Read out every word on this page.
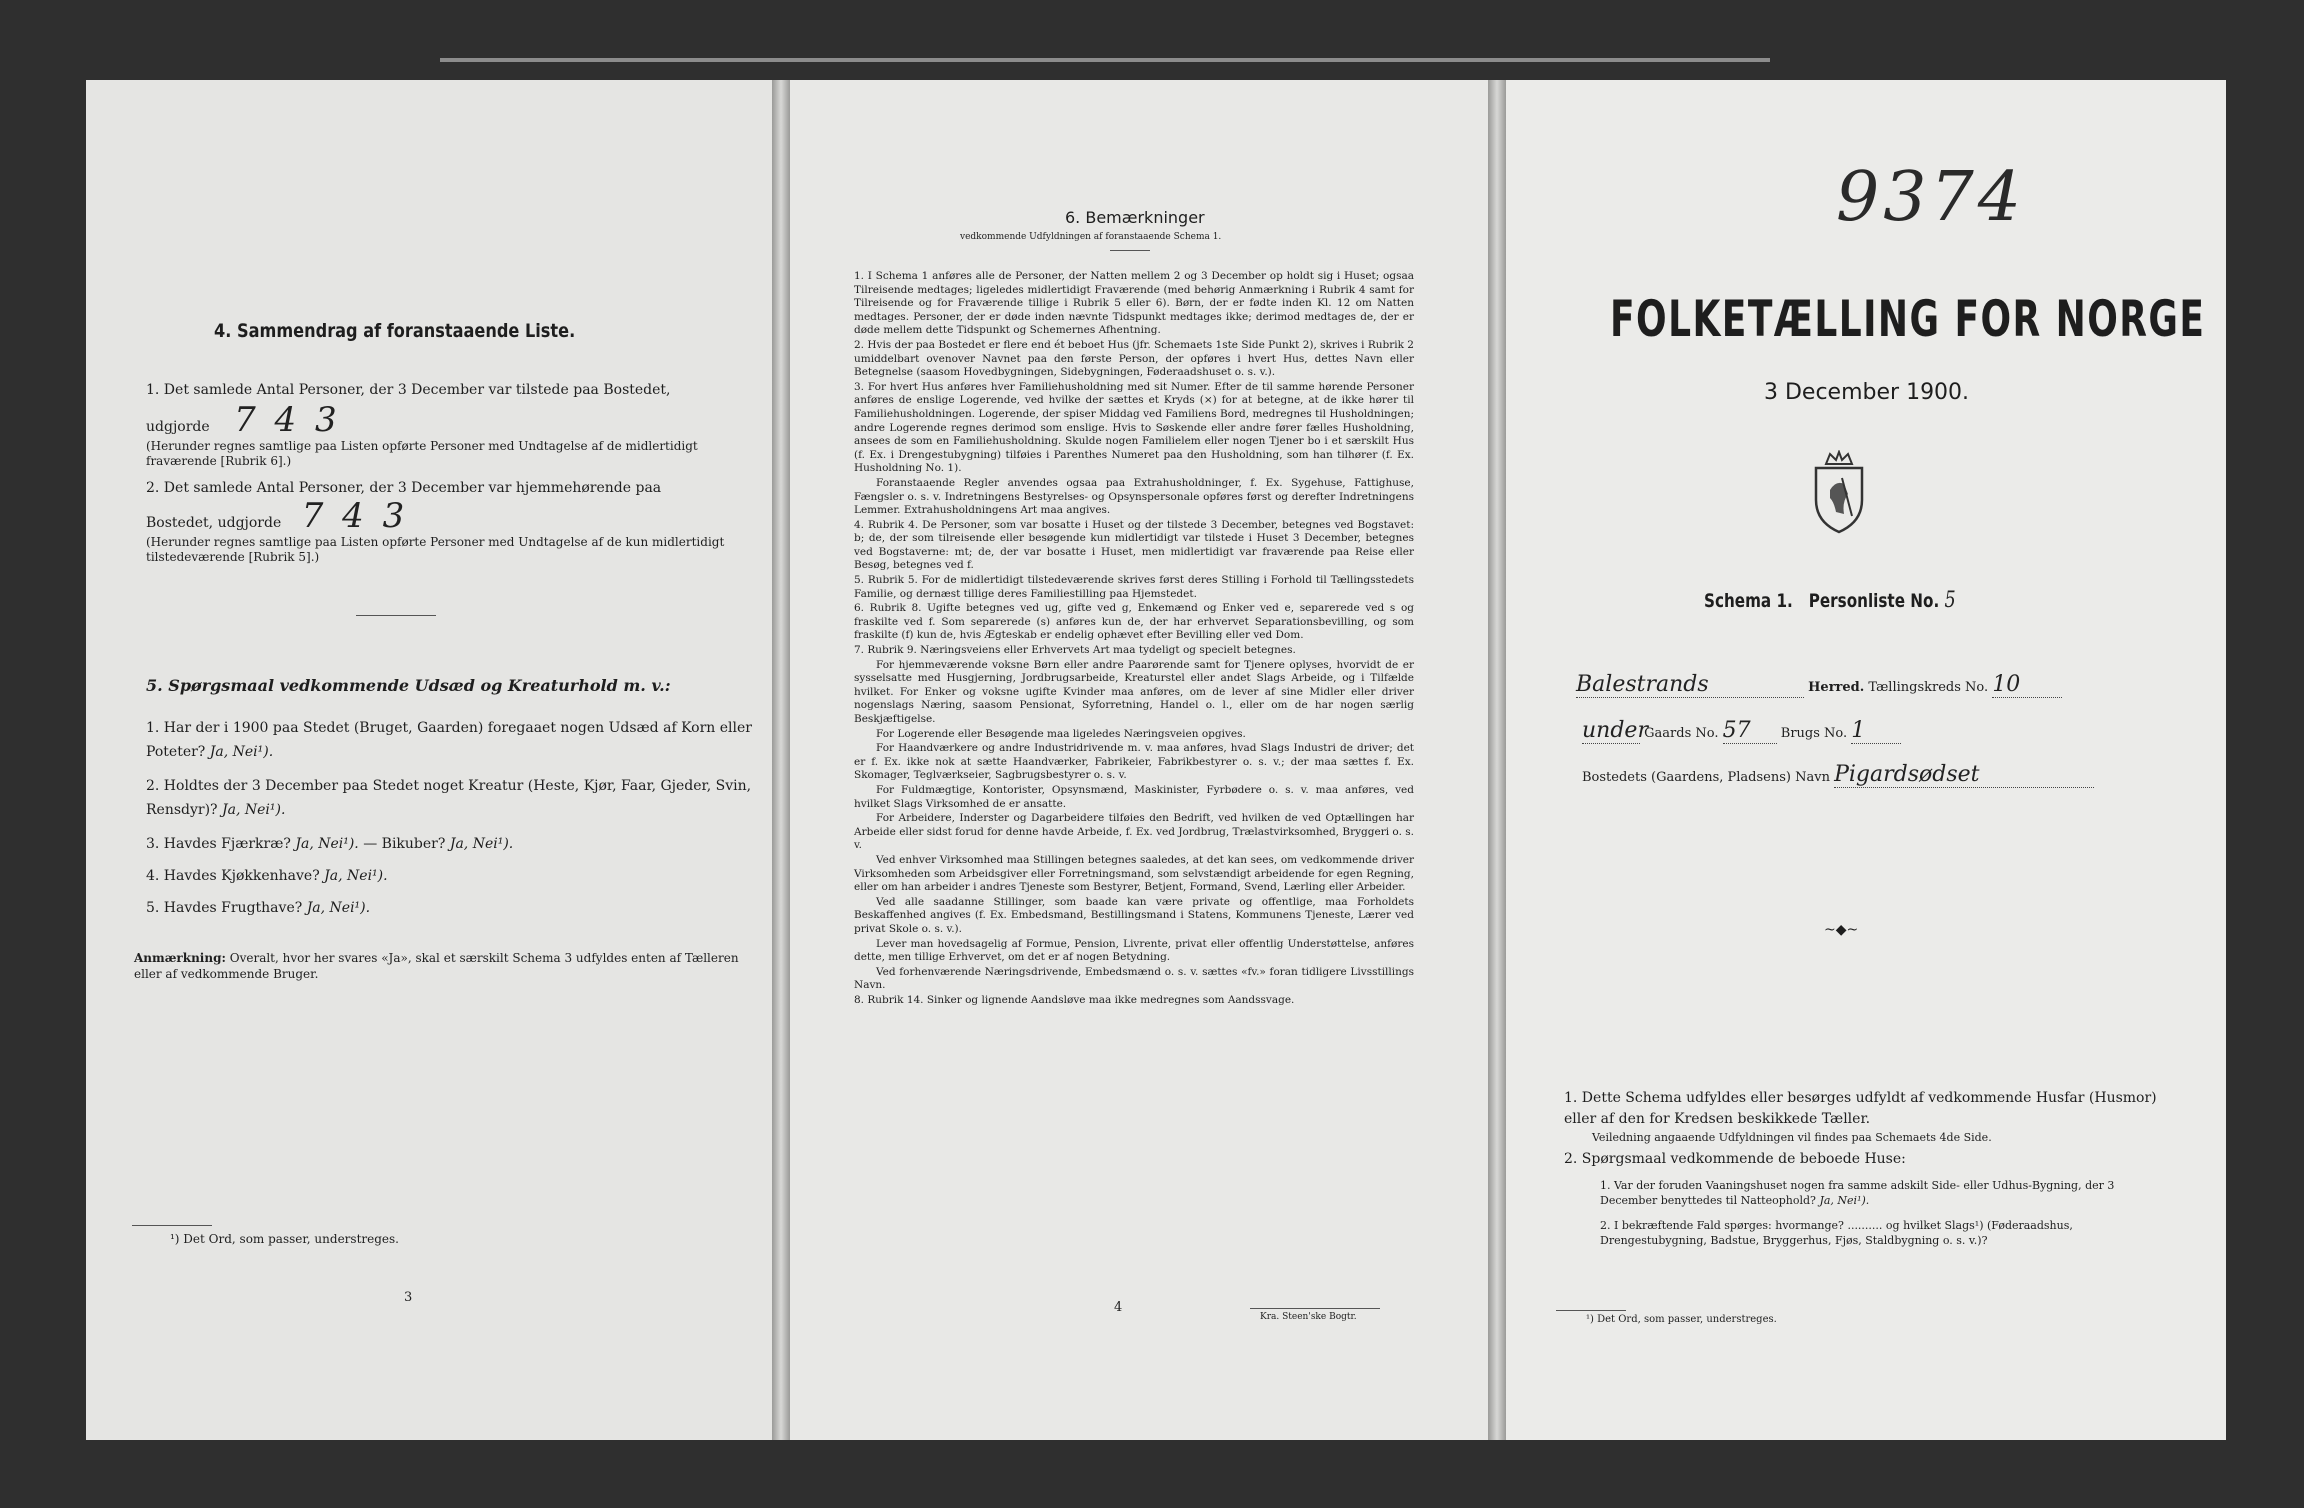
4. Sammendrag af foranstaaende Liste.
1. Det samlede Antal Personer, der 3 December var tilstede paa Bostedet,
udgjorde 7 4 3
(Herunder regnes samtlige paa Listen opførte Personer med Undtagelse af de midlertidigt fraværende [Rubrik 6].)
2. Det samlede Antal Personer, der 3 December var hjemmehørende paa
Bostedet, udgjorde 7 4 3
(Herunder regnes samtlige paa Listen opførte Personer med Undtagelse af de kun midlertidigt tilstedeværende [Rubrik 5].)
5. Spørgsmaal vedkommende Udsæd og Kreaturhold m. v.:
1. Har der i 1900 paa Stedet (Bruget, Gaarden) foregaaet nogen Udsæd af Korn eller Poteter? Ja, Nei¹).
2. Holdtes der 3 December paa Stedet noget Kreatur (Heste, Kjør, Faar, Gjeder, Svin, Rensdyr)? Ja, Nei¹).
3. Havdes Fjærkræ? Ja, Nei¹). — Bikuber? Ja, Nei¹).
4. Havdes Kjøkkenhave? Ja, Nei¹).
5. Havdes Frugthave? Ja, Nei¹).
Anmærkning: Overalt, hvor her svares «Ja», skal et særskilt Schema 3 udfyldes enten af Tælleren eller af vedkommende Bruger.
¹) Det Ord, som passer, understreges.
3
6. Bemærkninger
vedkommende Udfyldningen af foranstaaende Schema 1.
1. I Schema 1 anføres alle de Personer, der Natten mellem 2 og 3 December op holdt sig i Huset; ogsaa Tilreisende medtages; ligeledes midlertidigt Fraværende (med behørig Anmærkning i Rubrik 4 samt for Tilreisende og for Fraværende tillige i Rubrik 5 eller 6). Børn, der er fødte inden Kl. 12 om Natten medtages. Personer, der er døde inden nævnte Tidspunkt medtages ikke; derimod medtages de, der er døde mellem dette Tidspunkt og Schemernes Afhentning.
2. Hvis der paa Bostedet er flere end ét beboet Hus (jfr. Schemaets 1ste Side Punkt 2), skrives i Rubrik 2 umiddelbart ovenover Navnet paa den første Person, der opføres i hvert Hus, dettes Navn eller Betegnelse (saasom Hovedbygningen, Sidebygningen, Føderaadshuset o. s. v.).
3. For hvert Hus anføres hver Familiehusholdning med sit Numer. Efter de til samme hørende Personer anføres de enslige Logerende, ved hvilke der sættes et Kryds (×) for at betegne, at de ikke hører til Familiehusholdningen. Logerende, der spiser Middag ved Familiens Bord, medregnes til Husholdningen; andre Logerende regnes derimod som enslige. Hvis to Søskende eller andre fører fælles Husholdning, ansees de som en Familiehusholdning. Skulde nogen Familielem eller nogen Tjener bo i et særskilt Hus (f. Ex. i Drengestubygning) tilføies i Parenthes Numeret paa den Husholdning, som han tilhører (f. Ex. Husholdning No. 1).
Foranstaaende Regler anvendes ogsaa paa Extrahusholdninger, f. Ex. Sygehuse, Fattighuse, Fængsler o. s. v. Indretningens Bestyrelses- og Opsynspersonale opføres først og derefter Indretningens Lemmer. Extrahusholdningens Art maa angives.
4. Rubrik 4. De Personer, som var bosatte i Huset og der tilstede 3 December, betegnes ved Bogstavet: b; de, der som tilreisende eller besøgende kun midlertidigt var tilstede i Huset 3 December, betegnes ved Bogstaverne: mt; de, der var bosatte i Huset, men midlertidigt var fraværende paa Reise eller Besøg, betegnes ved f.
5. Rubrik 5. For de midlertidigt tilstedeværende skrives først deres Stilling i Forhold til Tællingsstedets Familie, og dernæst tillige deres Familiestilling paa Hjemstedet.
6. Rubrik 8. Ugifte betegnes ved ug, gifte ved g, Enkemænd og Enker ved e, separerede ved s og fraskilte ved f. Som separerede (s) anføres kun de, der har erhvervet Separationsbevilling, og som fraskilte (f) kun de, hvis Ægteskab er endelig ophævet efter Bevilling eller ved Dom.
7. Rubrik 9. Næringsveiens eller Erhvervets Art maa tydeligt og specielt betegnes.
For hjemmeværende voksne Børn eller andre Paarørende samt for Tjenere oplyses, hvorvidt de er sysselsatte med Husgjerning, Jordbrugsarbeide, Kreaturstel eller andet Slags Arbeide, og i Tilfælde hvilket. For Enker og voksne ugifte Kvinder maa anføres, om de lever af sine Midler eller driver nogenslags Næring, saasom Pensionat, Syforretning, Handel o. l., eller om de har nogen særlig Beskjæftigelse.
For Logerende eller Besøgende maa ligeledes Næringsveien opgives.
For Haandværkere og andre Industridrivende m. v. maa anføres, hvad Slags Industri de driver; det er f. Ex. ikke nok at sætte Haandværker, Fabrikeier, Fabrikbestyrer o. s. v.; der maa sættes f. Ex. Skomager, Teglværkseier, Sagbrugsbestyrer o. s. v.
For Fuldmægtige, Kontorister, Opsynsmænd, Maskinister, Fyrbødere o. s. v. maa anføres, ved hvilket Slags Virksomhed de er ansatte.
For Arbeidere, Inderster og Dagarbeidere tilføies den Bedrift, ved hvilken de ved Optællingen har Arbeide eller sidst forud for denne havde Arbeide, f. Ex. ved Jordbrug, Trælastvirksomhed, Bryggeri o. s. v.
Ved enhver Virksomhed maa Stillingen betegnes saaledes, at det kan sees, om vedkommende driver Virksomheden som Arbeidsgiver eller Forretningsmand, som selvstændigt arbeidende for egen Regning, eller om han arbeider i andres Tjeneste som Bestyrer, Betjent, Formand, Svend, Lærling eller Arbeider.
Ved alle saadanne Stillinger, som baade kan være private og offentlige, maa Forholdets Beskaffenhed angives (f. Ex. Embedsmand, Bestillingsmand i Statens, Kommunens Tjeneste, Lærer ved privat Skole o. s. v.).
Lever man hovedsagelig af Formue, Pension, Livrente, privat eller offentlig Understøttelse, anføres dette, men tillige Erhvervet, om det er af nogen Betydning.
Ved forhenværende Næringsdrivende, Embedsmænd o. s. v. sættes «fv.» foran tidligere Livsstillings Navn.
8. Rubrik 14. Sinker og lignende Aandsløve maa ikke medregnes som Aandssvage.
4
Kra. Steen'ske Bogtr.
9374
FOLKETÆLLING FOR NORGE
3 December 1900.
Schema 1. Personliste No. 5
Balestrands	Herred. Tællingskreds No. 10
under Gaards No. 57 Brugs No. 1
Bostedets (Gaardens, Pladsens) Navn Pigardsødset
~◆~
1. Dette Schema udfyldes eller besørges udfyldt af vedkommende Husfar (Husmor) eller af den for Kredsen beskikkede Tæller.
Veiledning angaaende Udfyldningen vil findes paa Schemaets 4de Side.
2. Spørgsmaal vedkommende de beboede Huse:
1. Var der foruden Vaaningshuset nogen fra samme adskilt Side- eller Udhus-Bygning, der 3 December benyttedes til Natteophold? Ja, Nei¹).
2. I bekræftende Fald spørges: hvormange? .......... og hvilket Slags¹) (Føderaadshus, Drengestubygning, Badstue, Bryggerhus, Fjøs, Staldbygning o. s. v.)?
¹) Det Ord, som passer, understreges.
